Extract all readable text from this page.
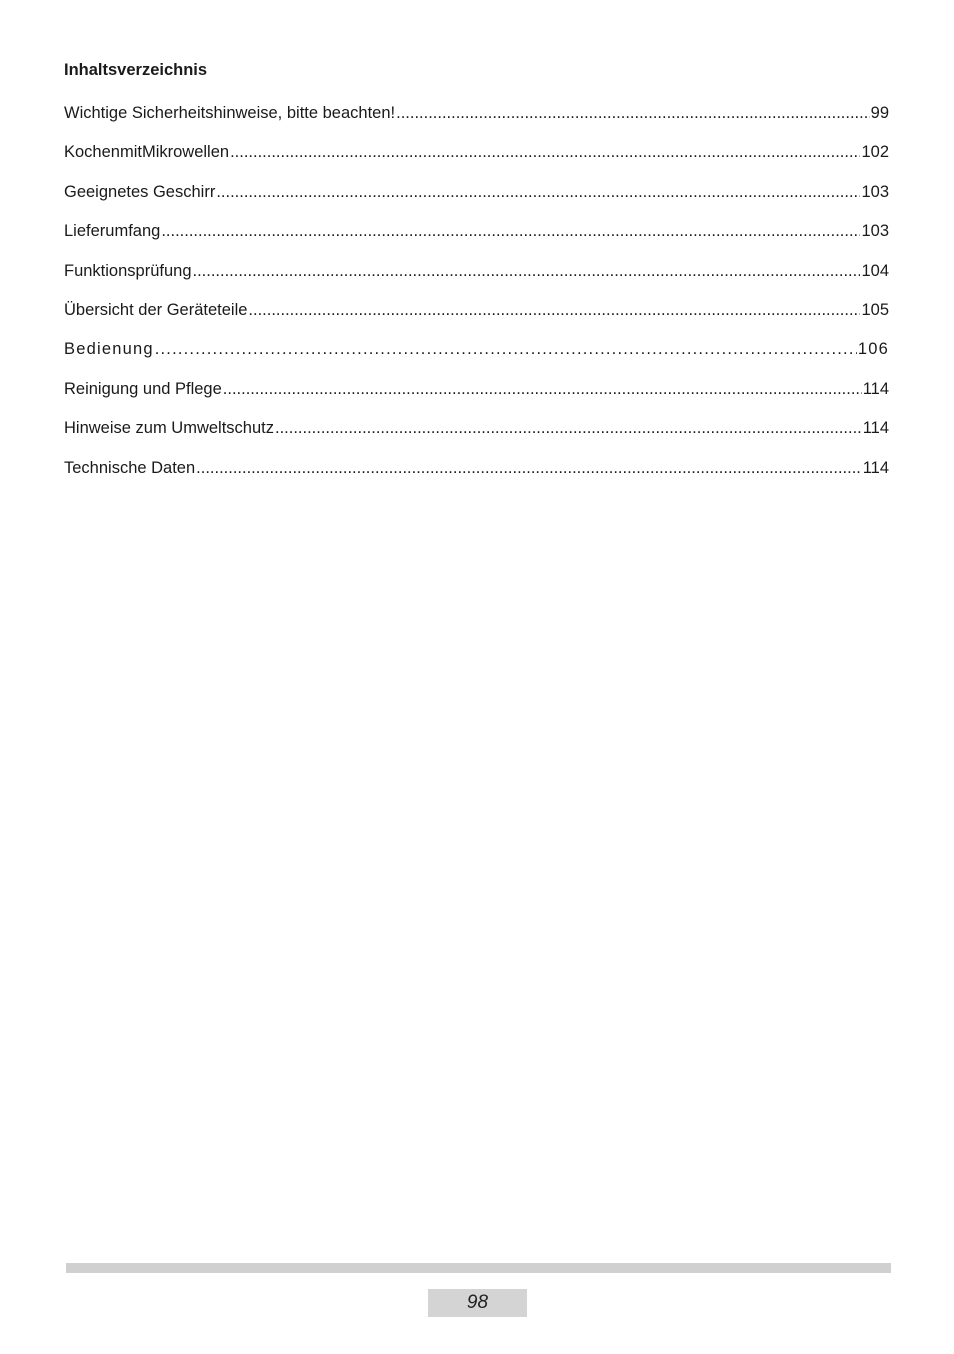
Inhaltsverzeichnis
Wichtige Sicherheitshinweise, bitte beachten! .....	99
KochenmitMikrowellen .....	102
Geeignetes Geschirr .....	103
Lieferumfang .....	103
Funktionsprüfung .....	104
Übersicht der Geräteteile .....	105
Bedienung .....	106
Reinigung und Pflege .....	114
Hinweise zum Umweltschutz .....	114
Technische Daten .....	114
98
